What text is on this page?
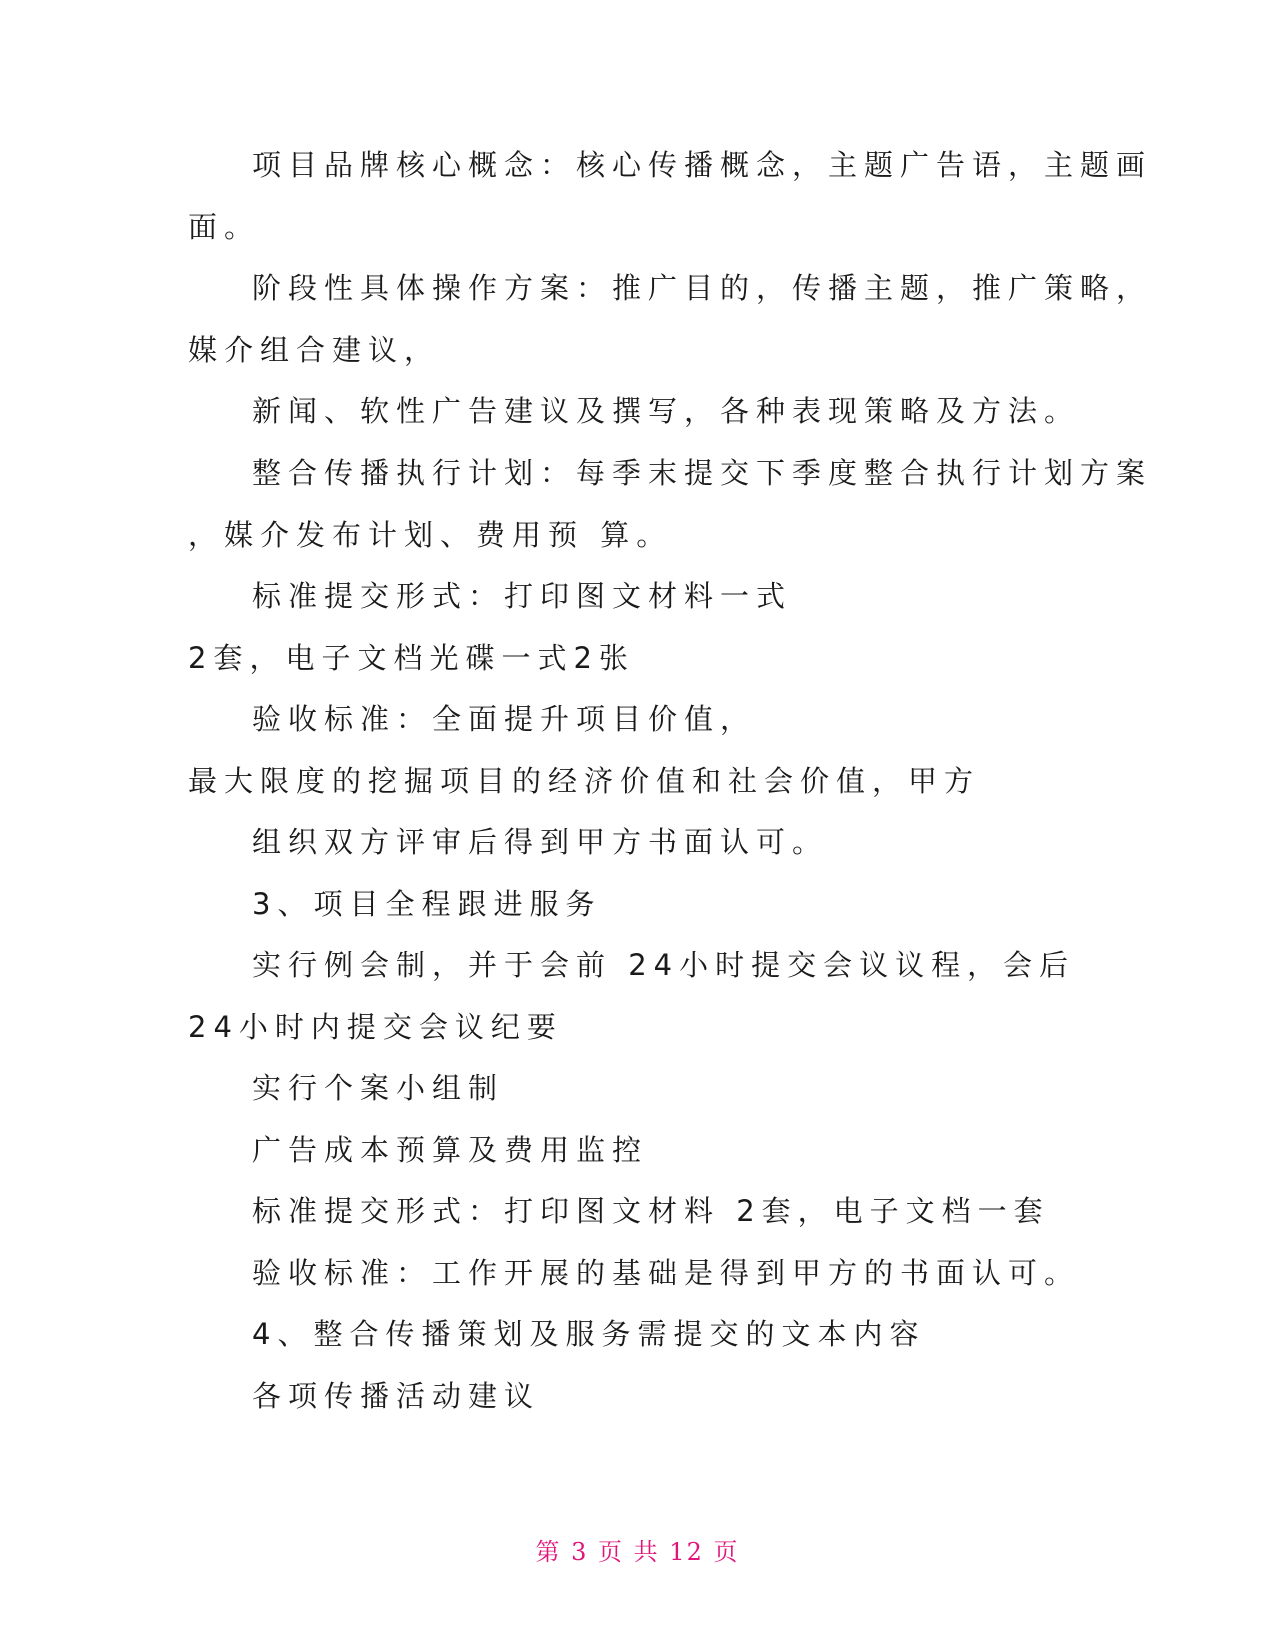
项目品牌核心概念：核心传播概念，主题广告语，主题画
面。
阶段性具体操作方案：推广目的，传播主题，推广策略，
媒介组合建议，
新闻、软性广告建议及撰写，各种表现策略及方法。
整合传播执行计划：每季末提交下季度整合执行计划方案
，媒介发布计划、费用预 算。
标准提交形式：打印图文材料一式
2套，电子文档光碟一式2张
验收标准：全面提升项目价值，
最大限度的挖掘项目的经济价值和社会价值，甲方
组织双方评审后得到甲方书面认可。
3、项目全程跟进服务
实行例会制，并于会前 24小时提交会议议程，会后
24小时内提交会议纪要
实行个案小组制
广告成本预算及费用监控
标准提交形式：打印图文材料 2套，电子文档一套
验收标准：工作开展的基础是得到甲方的书面认可。
4、整合传播策划及服务需提交的文本内容
各项传播活动建议
第 3 页 共 12 页
